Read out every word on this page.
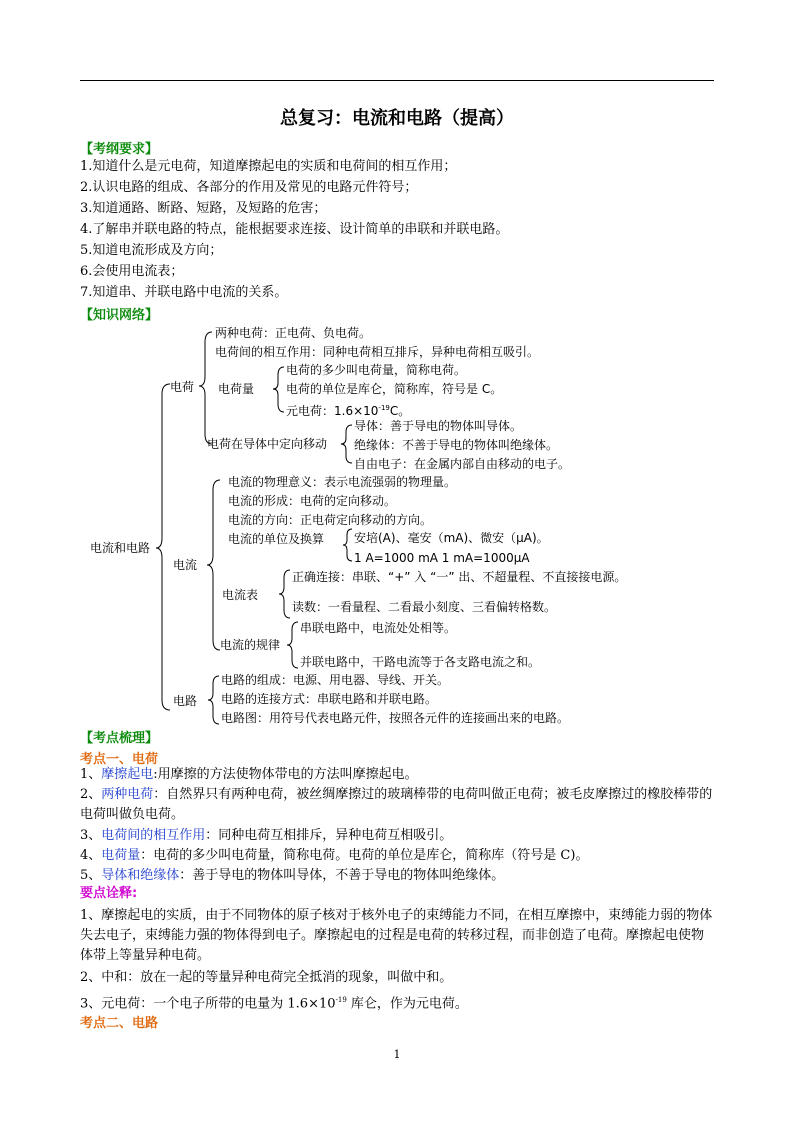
总复习：电流和电路（提高）
【考纲要求】
1.知道什么是元电荷，知道摩擦起电的实质和电荷间的相互作用；
2.认识电路的组成、各部分的作用及常见的电路元件符号；
3.知道通路、断路、短路，及短路的危害；
4.了解串并联电路的特点，能根据要求连接、设计简单的串联和并联电路。
5.知道电流形成及方向；
6.会使用电流表；
7.知道串、并联电路中电流的关系。
【知识网络】
电流和电路
电荷
两种电荷：正电荷、负电荷。
电荷间的相互作用：同种电荷相互排斥，异种电荷相互吸引。
电荷量
电荷的多少叫电荷量，简称电荷。
电荷的单位是库仑，简称库，符号是 C。
元电荷：$1.6\times 10^{-19}C$。
电荷在导体中定向移动
导体：善于导电的物体叫导体。
绝缘体：不善于导电的物体叫绝缘体。
自由电子：在金属内部自由移动的电子。
电流
电流的物理意义：表示电流强弱的物理量。
电流的形成：电荷的定向移动。
电流的方向：正电荷定向移动的方向。
电流的单位及换算 安培(A)、毫安（mA)、微安（μA)。
1 A=1000 mA 1 mA=1000μA
电流表
正确连接：串联、“+” 入 “一” 出、不超量程、不直接接电源。
读数：一看量程、二看最小刻度、三看偏转格数。
电流的规律
串联电路中，电流处处相等。
并联电路中，干路电流等于各支路电流之和。
电路
电路的组成：电源、用电器、导线、开关。
电路的连接方式：串联电路和并联电路。
电路图：用符号代表电路元件，按照各元件的连接画出来的电路。
【考点梳理】
考点一、电荷
1、摩擦起电:用摩擦的方法使物体带电的方法叫摩擦起电。
2、两种电荷：自然界只有两种电荷，被丝绸摩擦过的玻璃棒带的电荷叫做正电荷；被毛皮摩擦过的橡胶棒带的电荷叫做负电荷。
3、电荷间的相互作用：同种电荷互相排斥，异种电荷互相吸引。
4、电荷量：电荷的多少叫电荷量，简称电荷。电荷的单位是库仑，简称库（符号是 C)。
5、导体和绝缘体：善于导电的物体叫导体，不善于导电的物体叫绝缘体。
要点诠释:
1、摩擦起电的实质，由于不同物体的原子核对于核外电子的束缚能力不同，在相互摩擦中，束缚能力弱的物体失去电子，束缚能力强的物体得到电子。摩擦起电的过程是电荷的转移过程，而非创造了电荷。摩擦起电使物体带上等量异种电荷。
2、中和：放在一起的等量异种电荷完全抵消的现象，叫做中和。
3、元电荷：一个电子所带的电量为 $1.6\times 10^{-19}$ 库仑，作为元电荷。
考点二、电路
1
